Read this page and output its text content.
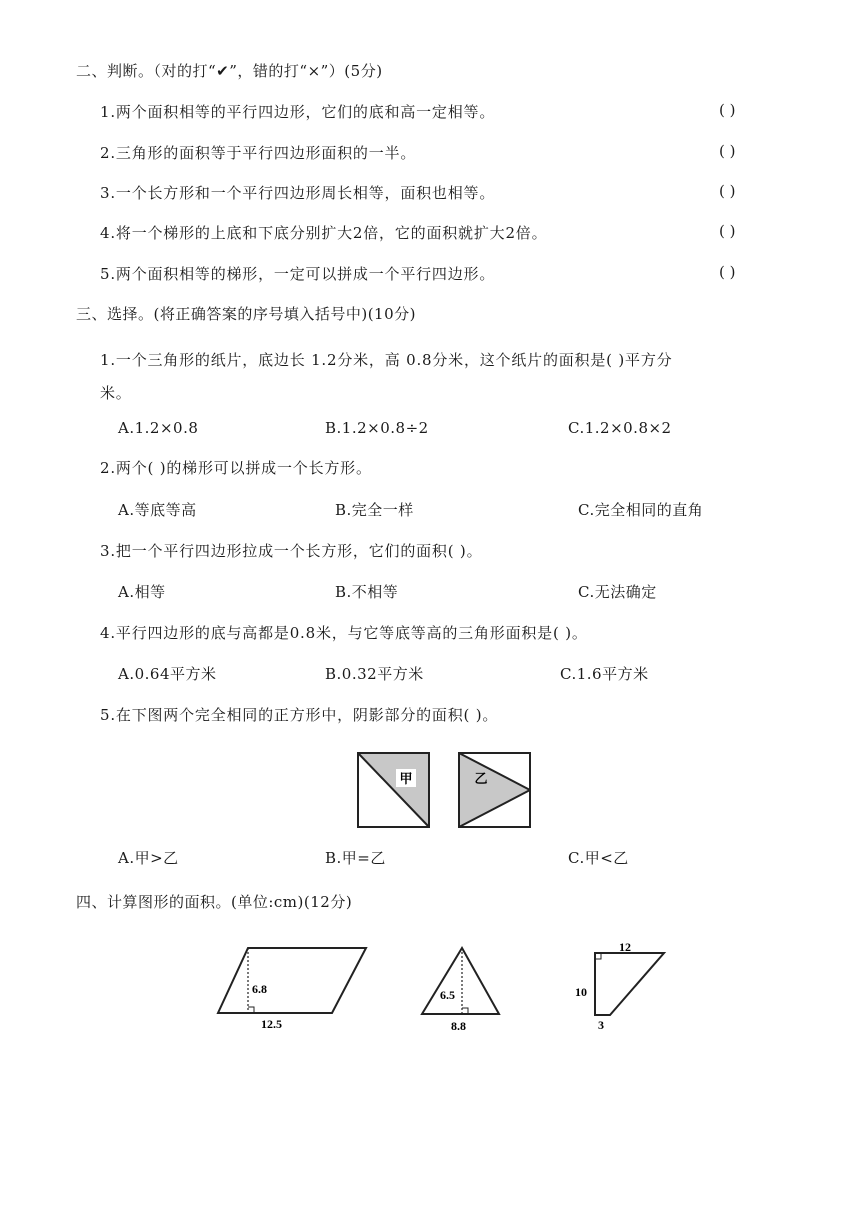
二、判断。（对的打“✔”，错的打“×”）(5分)
1.两个面积相等的平行四边形，它们的底和高一定相等。	( )
2.三角形的面积等于平行四边形面积的一半。	( )
3.一个长方形和一个平行四边形周长相等，面积也相等。	( )
4.将一个梯形的上底和下底分别扩大2倍，它的面积就扩大2倍。	( )
5.两个面积相等的梯形，一定可以拼成一个平行四边形。	( )
三、选择。(将正确答案的序号填入括号中)(10分)
1.一个三角形的纸片，底边长 1.2分米，高 0.8分米，这个纸片的面积是( )平方分
米。
A.1.2×0.8	B.1.2×0.8÷2	C.1.2×0.8×2
2.两个( )的梯形可以拼成一个长方形。
A.等底等高	B.完全一样	C.完全相同的直角
3.把一个平行四边形拉成一个长方形，它们的面积( )。
A.相等	B.不相等	C.无法确定
4.平行四边形的底与高都是0.8米，与它等底等高的三角形面积是( )。
A.0.64平方米	B.0.32平方米	C.1.6平方米
5.在下图两个完全相同的正方形中，阴影部分的面积( )。
甲	乙
A.甲>乙	B.甲=乙	C.甲<乙
四、计算图形的面积。(单位:cm)(12分)
6.8
12.5
6.5
8.8
12
10
3
